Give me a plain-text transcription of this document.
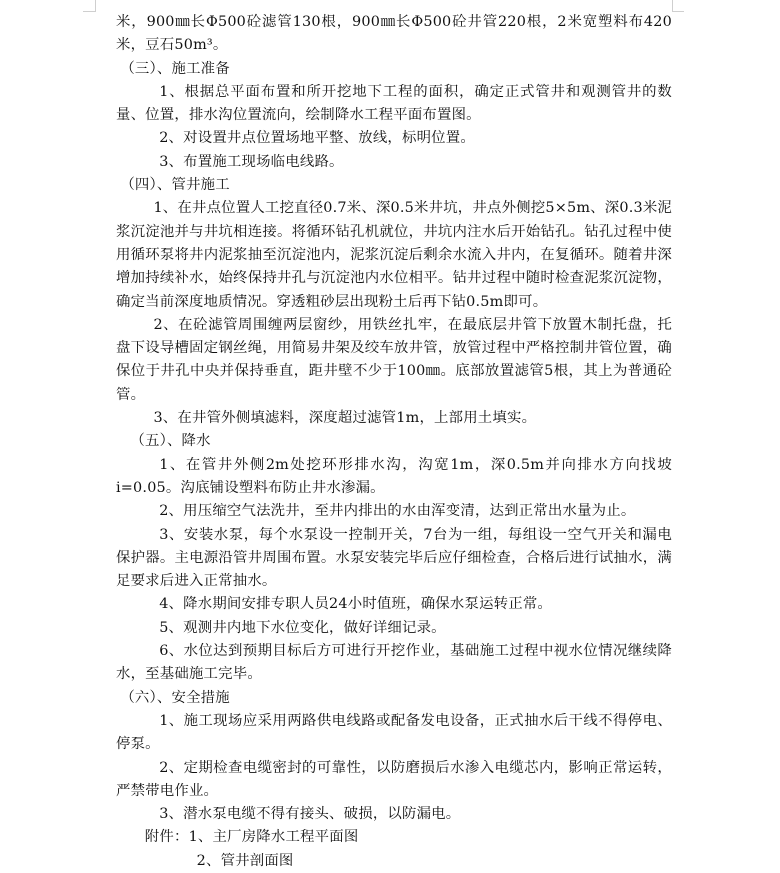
米，900㎜长Φ500砼滤管130根，900㎜长Φ500砼井管220根，2米宽塑料布420米，豆石50m³。

（三）、施工准备

1、根据总平面布置和所开挖地下工程的面积，确定正式管井和观测管井的数量、位置，排水沟位置流向，绘制降水工程平面布置图。

2、对设置井点位置场地平整、放线，标明位置。

3、布置施工现场临电线路。

（四）、管井施工

1、在井点位置人工挖直径0.7米、深0.5米井坑，井点外侧挖5×5m、深0.3米泥浆沉淀池并与井坑相连接。将循环钻孔机就位，井坑内注水后开始钻孔。钻孔过程中使用循环泵将井内泥浆抽至沉淀池内，泥浆沉淀后剩余水流入井内，在复循环。随着井深增加持续补水，始终保持井孔与沉淀池内水位相平。钻井过程中随时检查泥浆沉淀物，确定当前深度地质情况。穿透粗砂层出现粉土后再下钻0.5m即可。

2、在砼滤管周围缠两层窗纱，用铁丝扎牢，在最底层井管下放置木制托盘，托盘下设导槽固定钢丝绳，用简易井架及绞车放井管，放管过程中严格控制井管位置，确保位于井孔中央并保持垂直，距井壁不少于100㎜。底部放置滤管5根，其上为普通砼管。

3、在井管外侧填滤料，深度超过滤管1m，上部用土填实。

（五）、降水

1、在管井外侧2m处挖环形排水沟，沟宽1m，深0.5m并向排水方向找坡i=0.05。沟底铺设塑料布防止井水渗漏。

2、用压缩空气法洗井，至井内排出的水由浑变清，达到正常出水量为止。

3、安装水泵，每个水泵设一控制开关，7台为一组，每组设一空气开关和漏电保护器。主电源沿管井周围布置。水泵安装完毕后应仔细检查，合格后进行试抽水，满足要求后进入正常抽水。

4、降水期间安排专职人员24小时值班，确保水泵运转正常。

5、观测井内地下水位变化，做好详细记录。

6、水位达到预期目标后方可进行开挖作业，基础施工过程中视水位情况继续降水，至基础施工完毕。

（六）、安全措施

1、施工现场应采用两路供电线路或配备发电设备，正式抽水后干线不得停电、停泵。

2、定期检查电缆密封的可靠性，以防磨损后水渗入电缆芯内，影响正常运转，严禁带电作业。

3、潜水泵电缆不得有接头、破损，以防漏电。

附件：1、主厂房降水工程平面图

2、管井剖面图
